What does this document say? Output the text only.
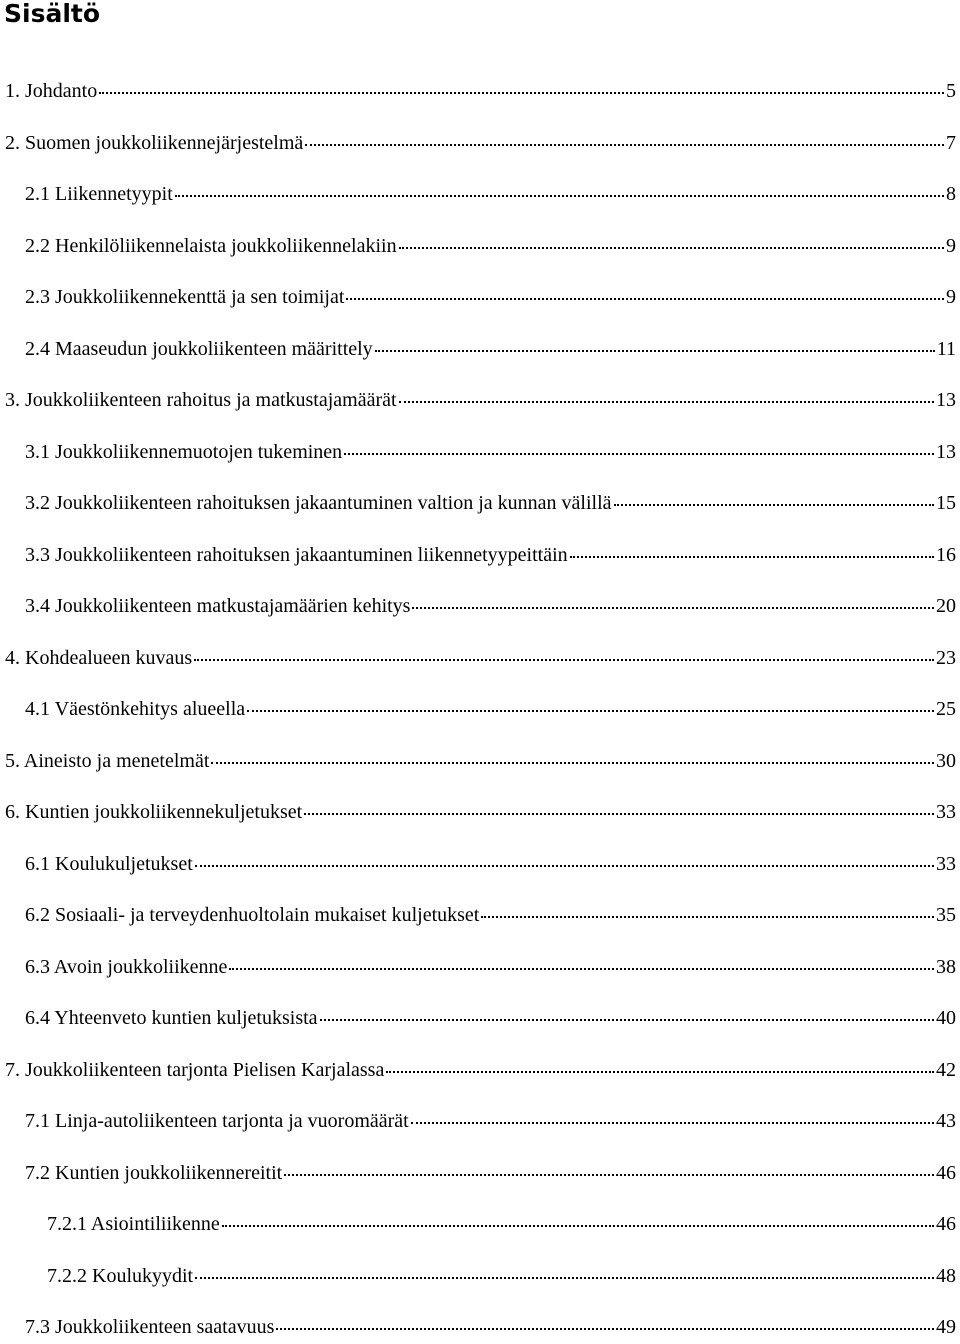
Sisältö
1. Johdanto	5
2. Suomen joukkoliikennejärjestelmä	7
2.1 Liikennetyypit	8
2.2 Henkilöliikennelaista joukkoliikennelakiin	9
2.3 Joukkoliikennekenttä ja sen toimijat	9
2.4 Maaseudun joukkoliikenteen määrittely	11
3. Joukkoliikenteen rahoitus ja matkustajamäärät	13
3.1 Joukkoliikennemuotojen tukeminen	13
3.2 Joukkoliikenteen rahoituksen jakaantuminen valtion ja kunnan välillä	15
3.3 Joukkoliikenteen rahoituksen jakaantuminen liikennetyypeittäin	16
3.4 Joukkoliikenteen matkustajamäärien kehitys	20
4. Kohdealueen kuvaus	23
4.1 Väestönkehitys alueella	25
5. Aineisto ja menetelmät	30
6. Kuntien joukkoliikennekuljetukset	33
6.1 Koulukuljetukset	33
6.2 Sosiaali- ja terveydenhuoltolain mukaiset kuljetukset	35
6.3 Avoin joukkoliikenne	38
6.4 Yhteenveto kuntien kuljetuksista	40
7. Joukkoliikenteen tarjonta Pielisen Karjalassa	42
7.1 Linja-autoliikenteen tarjonta ja vuoromäärät	43
7.2 Kuntien joukkoliikennereitit	46
7.2.1 Asiointiliikenne	46
7.2.2 Koulukyydit	48
7.3 Joukkoliikenteen saatavuus	49
